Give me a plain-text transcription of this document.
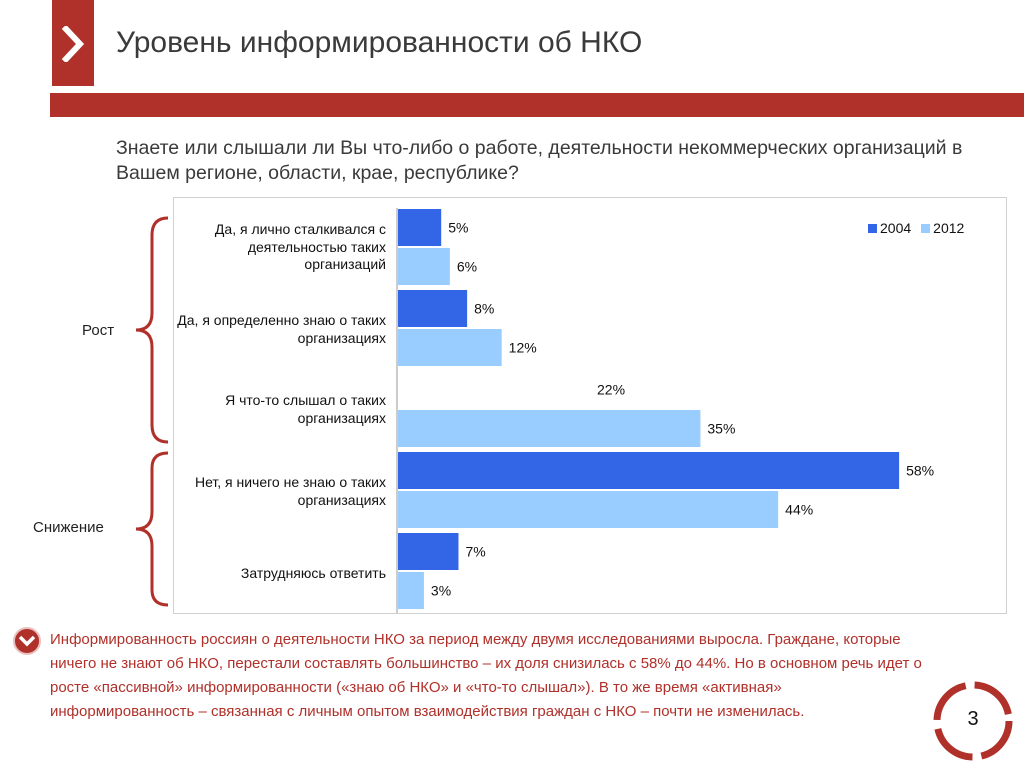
Уровень информированности об НКО
Знаете или слышали ли Вы что-либо о работе, деятельности некоммерческих организаций в Вашем регионе, области, крае, республике?
Рост
Снижение
5%
6%
8%
12%
22%
35%
58%
44%
7%
3%
Да, я лично сталкивался с деятельностью таких организаций
Да, я определенно знаю о таких организациях
Я что-то слышал о таких организациях
Нет, я ничего не знаю о таких организациях
Затрудняюсь ответить
2004 2012
Информированность россиян о деятельности НКО за период между двумя исследованиями выросла. Граждане, которые ничего не знают об НКО, перестали составлять большинство – их доля снизилась с 58% до 44%. Но в основном речь идет о росте «пассивной» информированности («знаю об НКО» и «что-то слышал»). В то же время «активная» информированность – связанная с личным опытом взаимодействия граждан с НКО – почти не изменилась.	3
